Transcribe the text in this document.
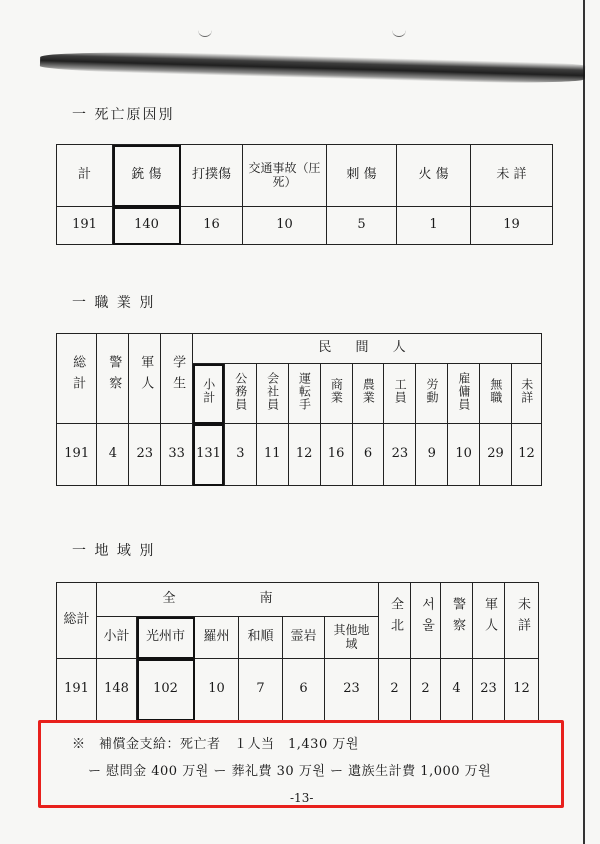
一 死亡原因別
計	銃 傷	打撲傷	交通事故（圧死）	刺 傷	火 傷	未 詳
191	140	16	10	5	1	19
一 職 業 別
総計	警察	軍人	学生	民 間 人										
				小計	公務員	会社員	運転手	商業	農業	工員	労動	雇傭員	無職	未詳
191	4	23	33	131	3	11	12	16	6	23	9	10	29	12
一 地 域 別
総計	全 南						全北	서울	警察	軍人	未詳
	小計	光州市	羅州	和順	霊岩	其他地域					
191	148	102	10	7	6	23	2	2	4	23	12
※　補償金支給：死亡者　１人当　1,430 万원
ー 慰問金 400 万원 ー 葬礼費 30 万원 ー 遺族生計費 1,000 万원
-13-
